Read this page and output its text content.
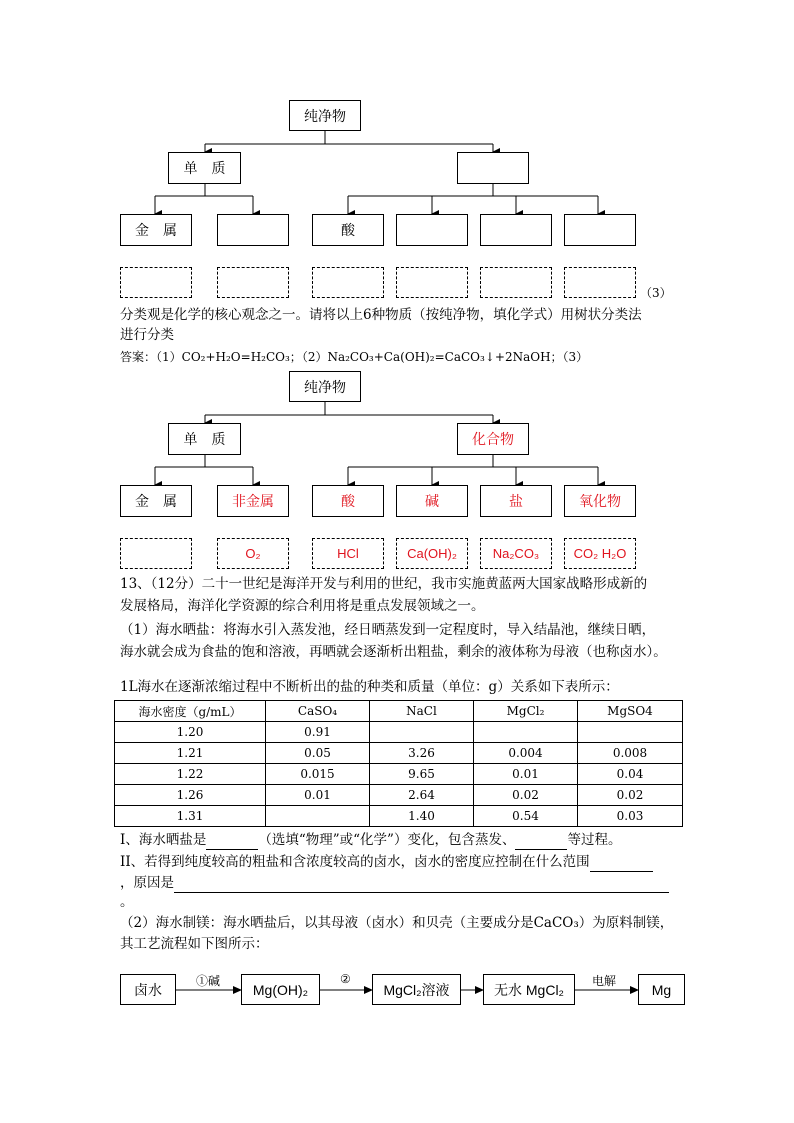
纯净物
单　质
金　属	酸
（3）
分类观是化学的核心观念之一。请将以上6种物质（按纯净物，填化学式）用树状分类法
进行分类
答案：（1）CO₂+H₂O=H₂CO₃；（2）Na₂CO₃+Ca(OH)₂=CaCO₃↓+2NaOH；（3）
纯净物
单　质	化合物
金　属	非金属	酸	碱	盐	氧化物
O₂	HCl	Ca(OH)₂	Na₂CO₃	CO₂ H₂O
13、（12分）二十一世纪是海洋开发与利用的世纪，我市实施黄蓝两大国家战略形成新的
发展格局，海洋化学资源的综合利用将是重点发展领域之一。
（1）海水晒盐：将海水引入蒸发池，经日晒蒸发到一定程度时，导入结晶池，继续日晒，
海水就会成为食盐的饱和溶液，再晒就会逐渐析出粗盐，剩余的液体称为母液（也称卤水）。
1L海水在逐渐浓缩过程中不断析出的盐的种类和质量（单位：g）关系如下表所示：
海水密度（g/mL）	CaSO₄	NaCl	MgCl₂	MgSO4
1.20	0.91			
1.21	0.05	3.26	0.004	0.008
1.22	0.015	9.65	0.01	0.04
1.26	0.01	2.64	0.02	0.02
1.31		1.40	0.54	0.03
I、海水晒盐是	（选填“物理”或“化学”）变化，包含蒸发、	等过程。
II、若得到纯度较高的粗盐和含浓度较高的卤水，卤水的密度应控制在什么范围
，原因是
。
（2）海水制镁：海水晒盐后，以其母液（卤水）和贝壳（主要成分是CaCO₃）为原料制镁，
其工艺流程如下图所示：
卤水	Mg(OH)₂	MgCl₂溶液	无水 MgCl₂	Mg
①碱	②	电解
